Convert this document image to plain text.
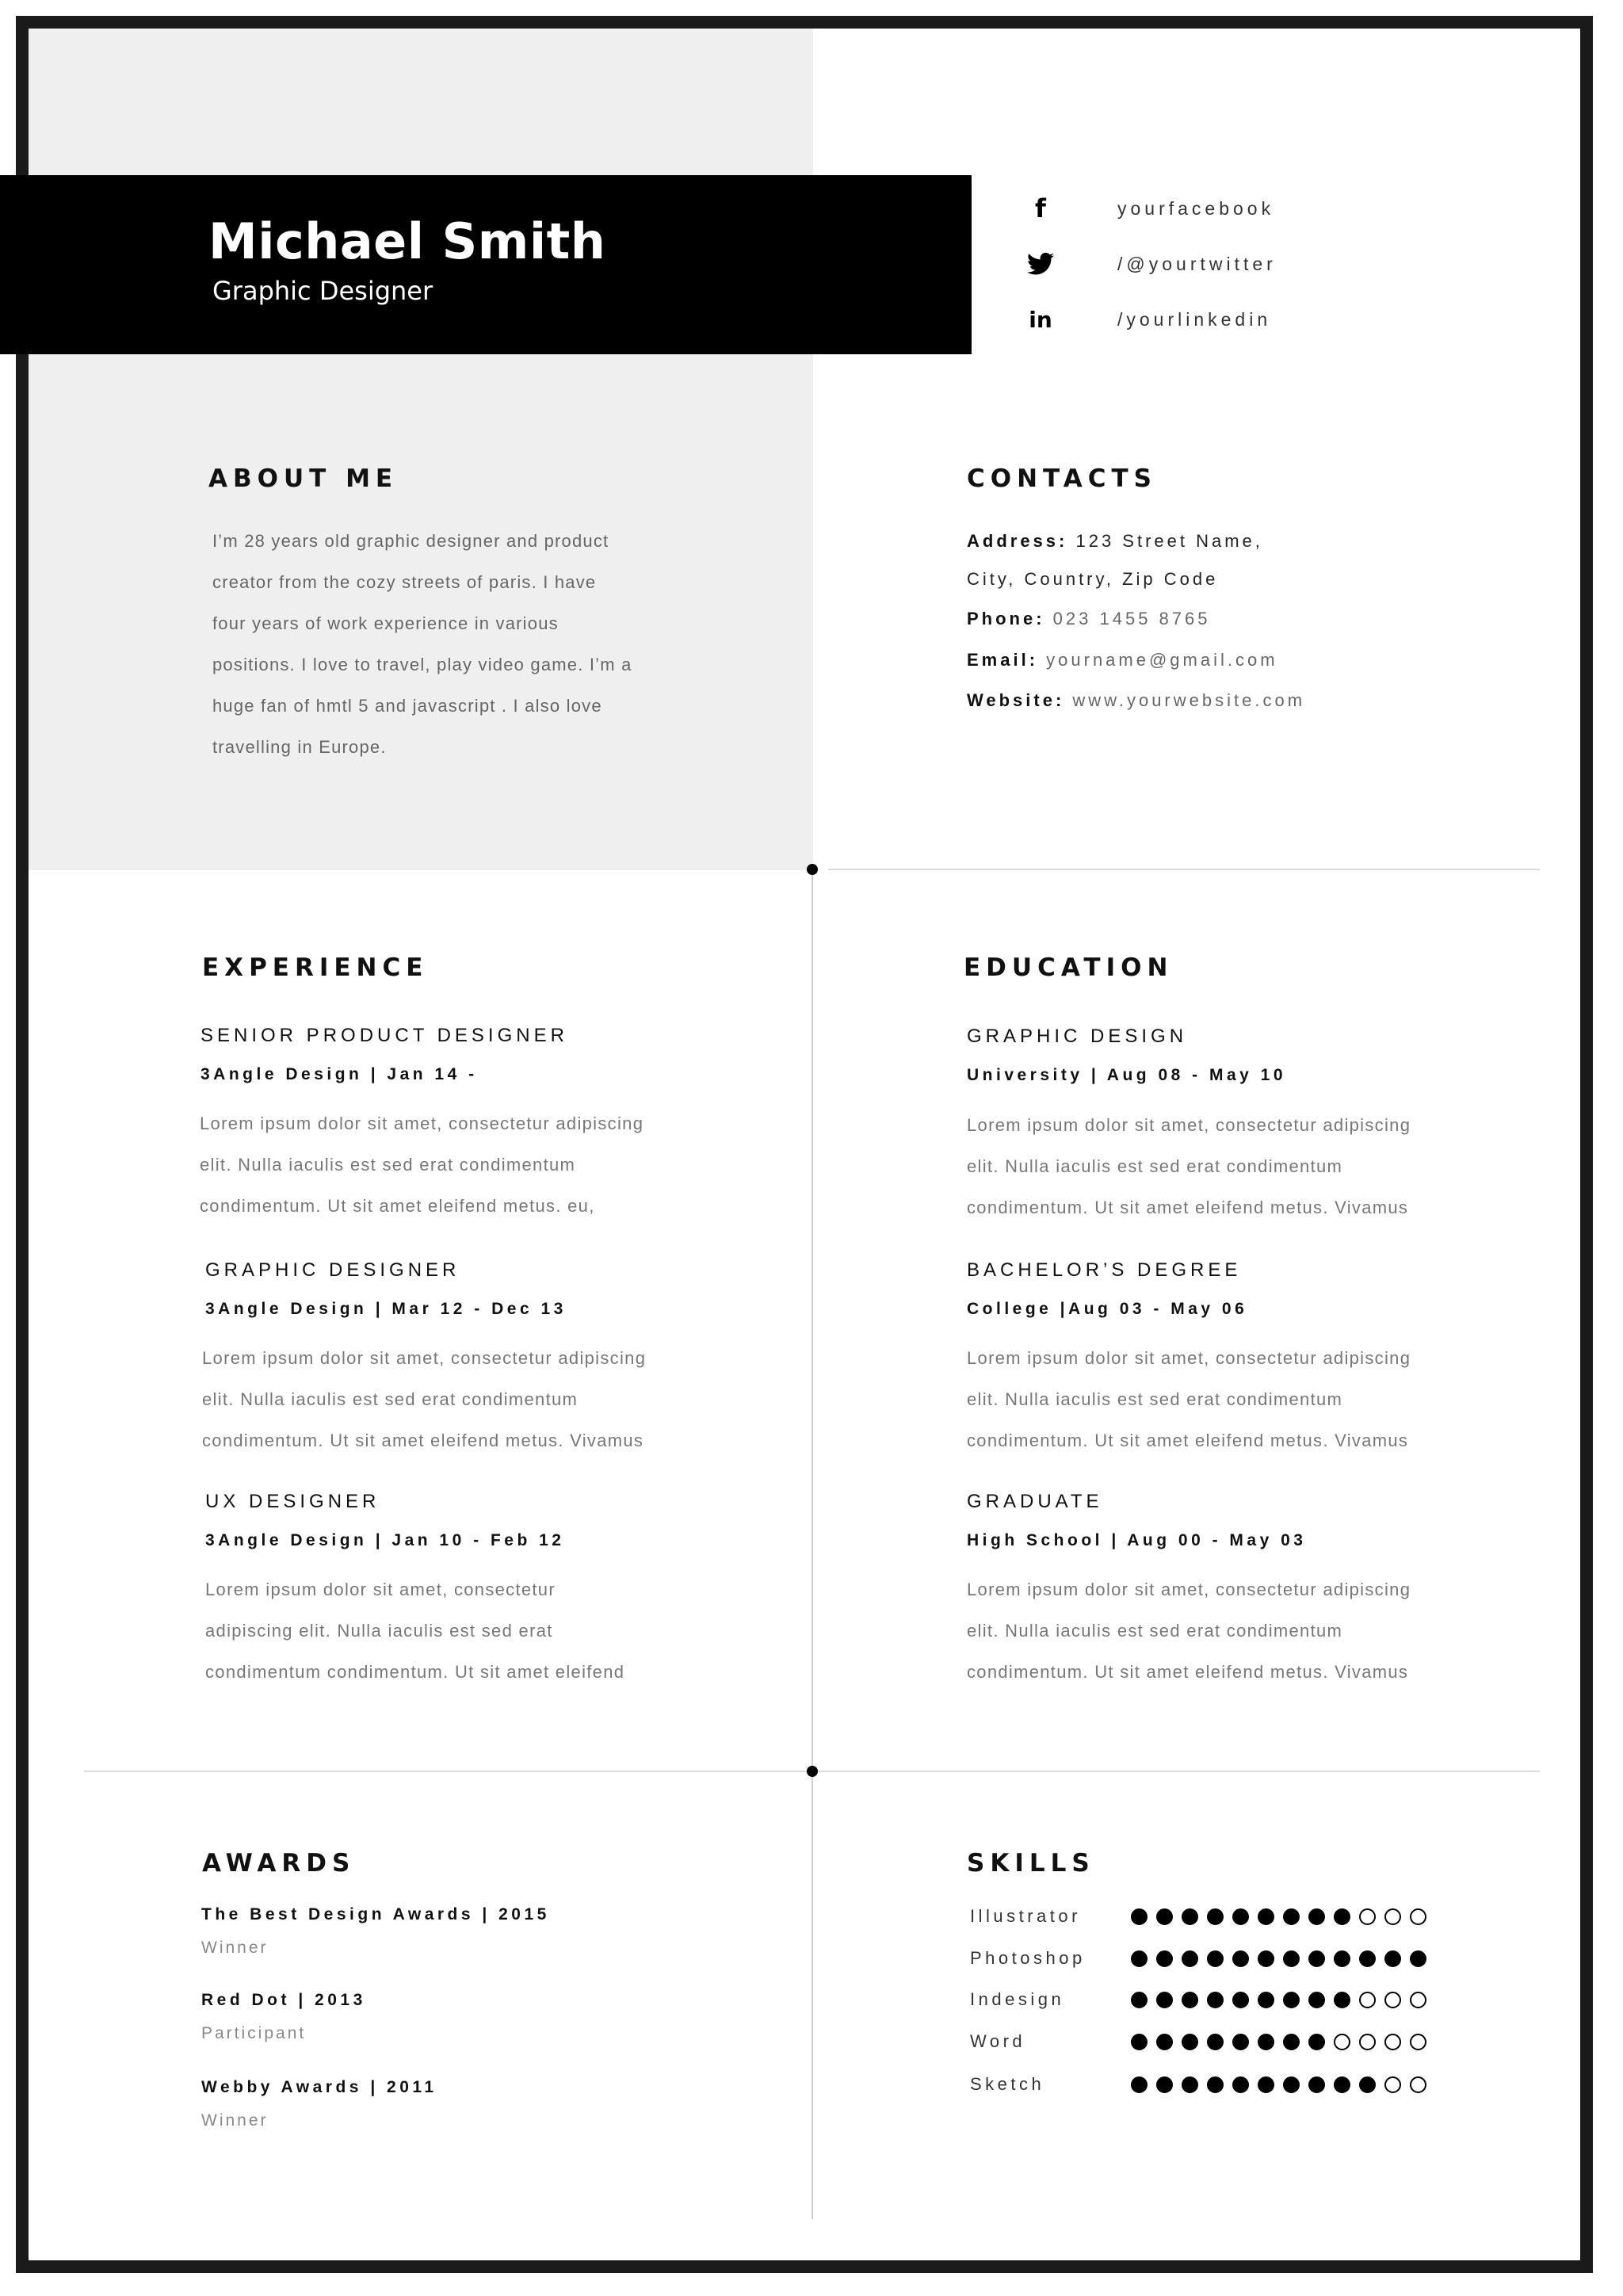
Michael Smith
Graphic Designer
f	yourfacebook
/@yourtwitter
in	/yourlinkedin
ABOUT ME
I’m 28 years old graphic designer and product
creator from the cozy streets of paris. I have
four years of work experience in various
positions. I love to travel, play video game. I’m a
huge fan of hmtl 5 and javascript . I also love
travelling in Europe.
CONTACTS
Address: 123 Street Name,
City, Country, Zip Code
Phone: 023 1455 8765
Email: yourname@gmail.com
Website: www.yourwebsite.com
EXPERIENCE
SENIOR PRODUCT DESIGNER
3Angle Design | Jan 14 -
Lorem ipsum dolor sit amet, consectetur adipiscing
elit. Nulla iaculis est sed erat condimentum
condimentum. Ut sit amet eleifend metus. eu,
GRAPHIC DESIGNER
3Angle Design | Mar 12 - Dec 13
Lorem ipsum dolor sit amet, consectetur adipiscing
elit. Nulla iaculis est sed erat condimentum
condimentum. Ut sit amet eleifend metus. Vivamus
UX DESIGNER
3Angle Design | Jan 10 - Feb 12
Lorem ipsum dolor sit amet, consectetur
adipiscing elit. Nulla iaculis est sed erat
condimentum condimentum. Ut sit amet eleifend
EDUCATION
GRAPHIC DESIGN
University | Aug 08 - May 10
Lorem ipsum dolor sit amet, consectetur adipiscing
elit. Nulla iaculis est sed erat condimentum
condimentum. Ut sit amet eleifend metus. Vivamus
BACHELOR’S DEGREE
College |Aug 03 - May 06
Lorem ipsum dolor sit amet, consectetur adipiscing
elit. Nulla iaculis est sed erat condimentum
condimentum. Ut sit amet eleifend metus. Vivamus
GRADUATE
High School | Aug 00 - May 03
Lorem ipsum dolor sit amet, consectetur adipiscing
elit. Nulla iaculis est sed erat condimentum
condimentum. Ut sit amet eleifend metus. Vivamus
AWARDS
The Best Design Awards | 2015
Winner
Red Dot | 2013
Participant
Webby Awards | 2011
Winner
SKILLS
Illustrator
Photoshop
Indesign
Word
Sketch
